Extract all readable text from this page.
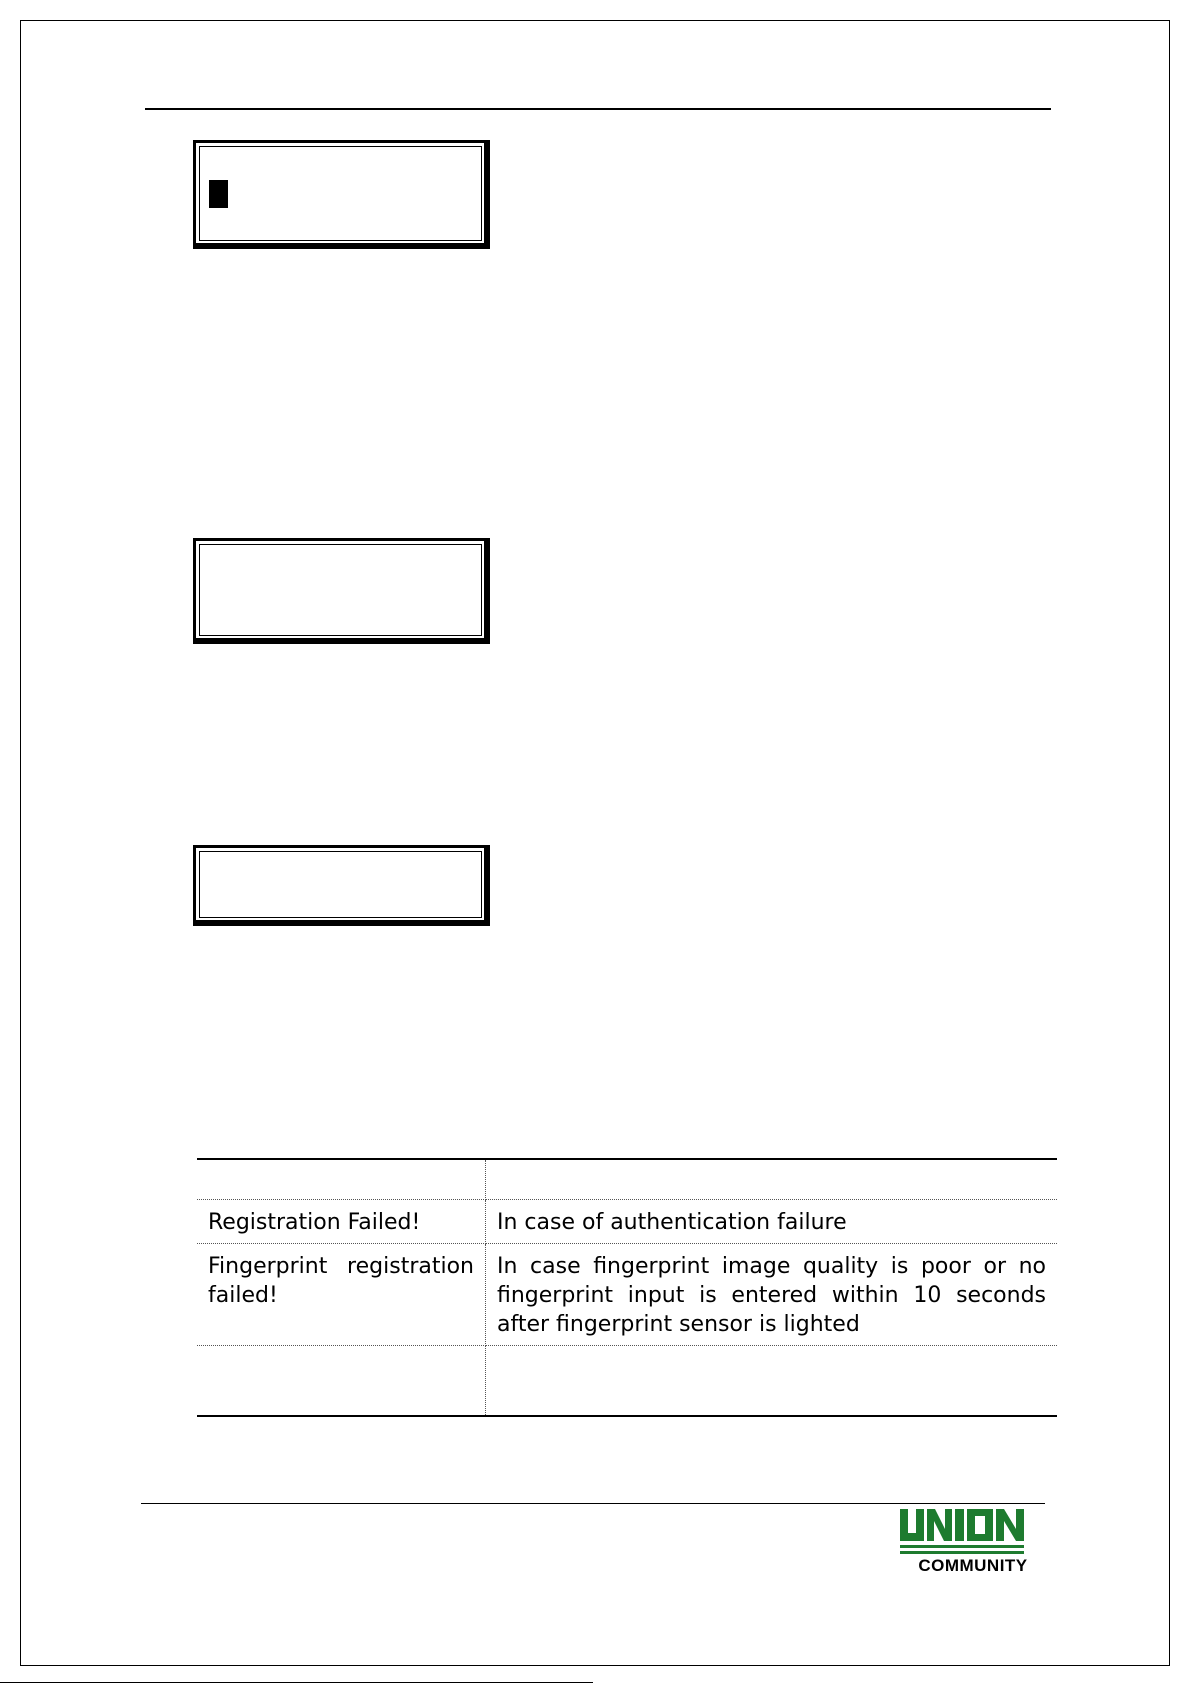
Registration Failed!	In case of authentication failure
Fingerprint registration failed!	In case fingerprint image quality is poor or no fingerprint input is entered within 10 seconds after fingerprint sensor is lighted

COMMUNITY
